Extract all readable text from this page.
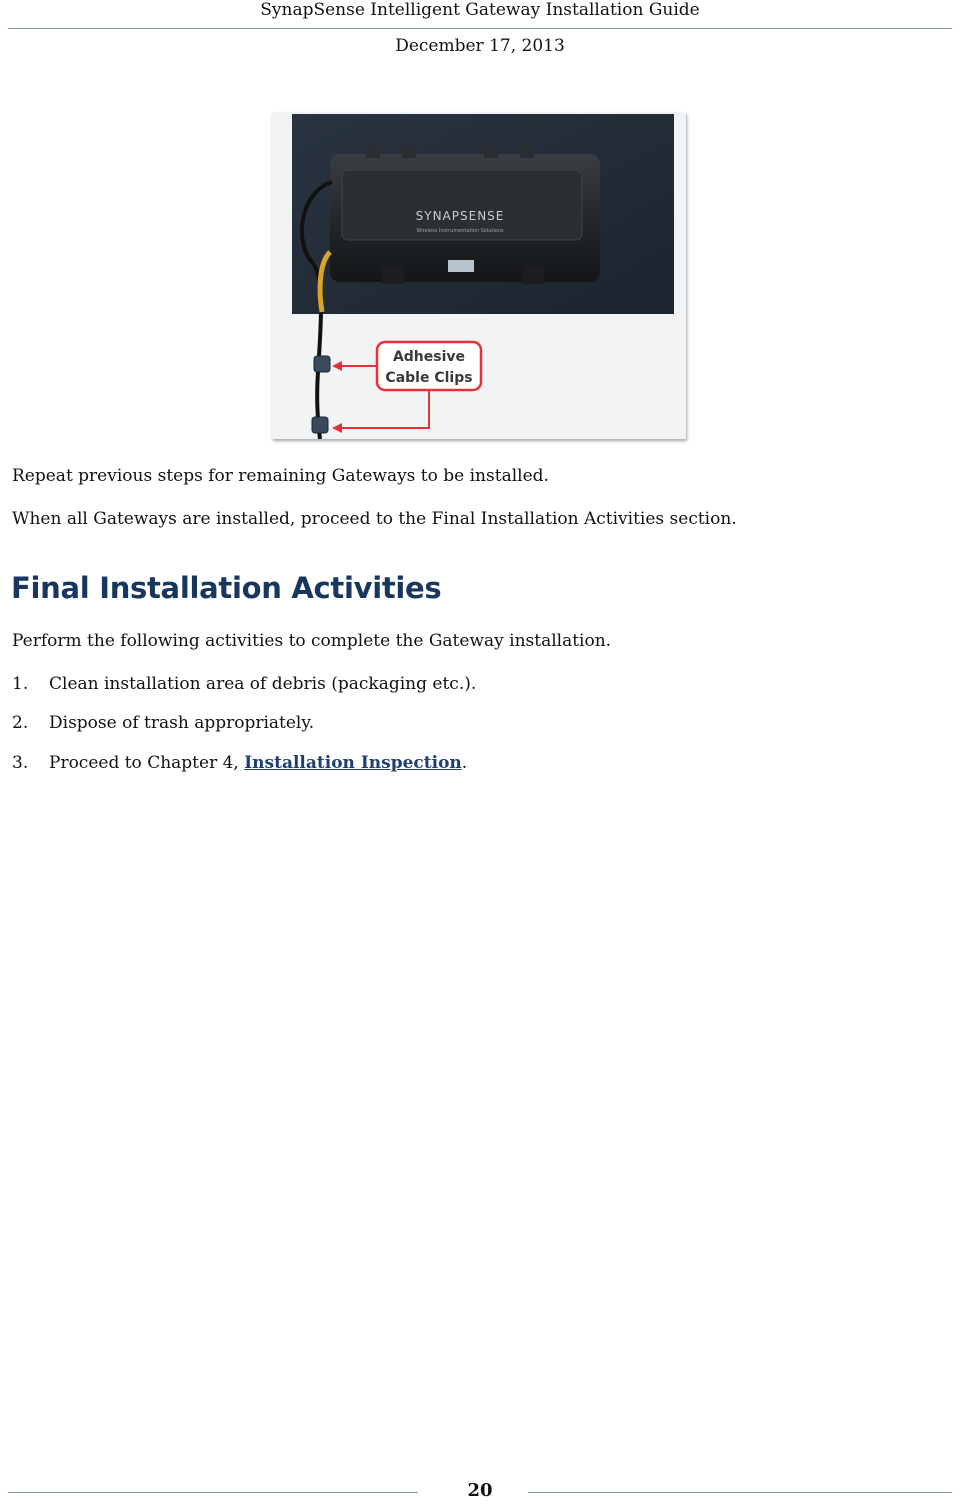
SynapSense Intelligent Gateway Installation Guide
December 17, 2013
SYNAPSENSE
Wireless Instrumentation Solutions
Adhesive
Cable Clips
Repeat previous steps for remaining Gateways to be installed.
When all Gateways are installed, proceed to the Final Installation Activities section.
Final Installation Activities
Perform the following activities to complete the Gateway installation.
1. Clean installation area of debris (packaging etc.).
2. Dispose of trash appropriately.
3. Proceed to Chapter 4, Installation Inspection.
20
